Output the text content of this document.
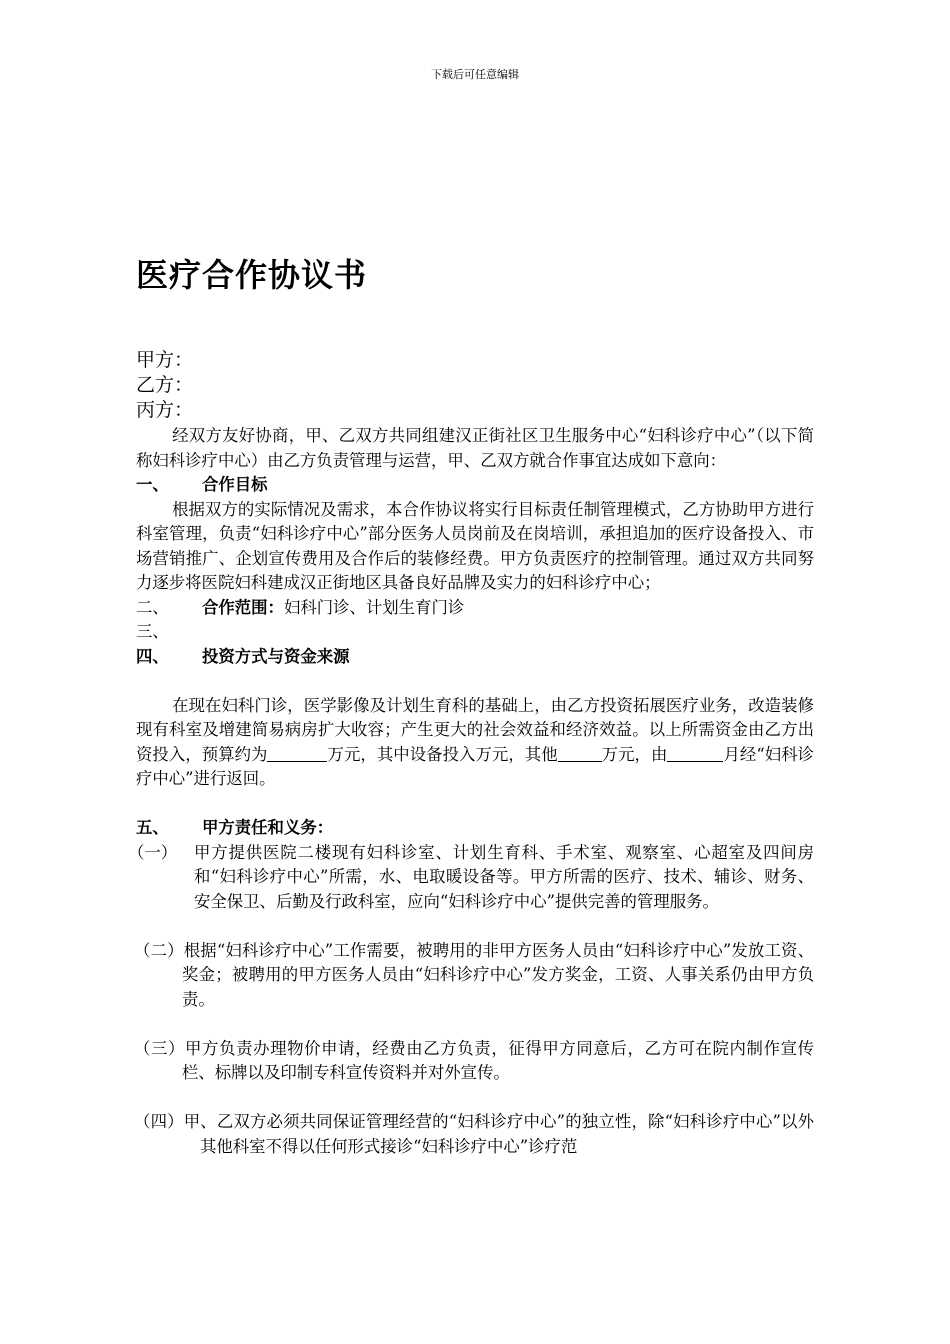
下载后可任意编辑
医疗合作协议书
甲方：
乙方：
丙方：

经双方友好协商，甲、乙双方共同组建汉正街社区卫生服务中心“妇科诊疗中心”（以下简称妇科诊疗中心）由乙方负责管理与运营，甲、乙双方就合作事宜达成如下意向：

一、	合作目标

根据双方的实际情况及需求，本合作协议将实行目标责任制管理模式，乙方协助甲方进行科室管理，负责“妇科诊疗中心”部分医务人员岗前及在岗培训，承担追加的医疗设备投入、市场营销推广、企划宣传费用及合作后的装修经费。甲方负责医疗的控制管理。通过双方共同努力逐步将医院妇科建成汉正街地区具备良好品牌及实力的妇科诊疗中心；

二、	合作范围： 妇科门诊、计划生育门诊
三、
四、	投资方式与资金来源

在现在妇科门诊，医学影像及计划生育科的基础上，由乙方投资拓展医疗业务，改造装修现有科室及增建简易病房扩大收容；产生更大的社会效益和经济效益。以上所需资金由乙方出资投入，预算约为	万元，其中设备投入万元，其他	万元，由	月经“妇科诊疗中心”进行返回。

五、	甲方责任和义务：
（一）	甲方提供医院二楼现有妇科诊室、计划生育科、手术室、观察室、心超室及四间房和“妇科诊疗中心”所需，水、电取暖设备等。甲方所需的医疗、技术、辅诊、财务、安全保卫、后勤及行政科室，应向“妇科诊疗中心”提供完善的管理服务。

（二）根据“妇科诊疗中心”工作需要，被聘用的非甲方医务人员由“妇科诊疗中心”发放工资、奖金；被聘用的甲方医务人员由“妇科诊疗中心”发方奖金，工资、人事关系仍由甲方负责。

（三）甲方负责办理物价申请，经费由乙方负责，征得甲方同意后，乙方可在院内制作宣传栏、标牌以及印制专科宣传资料并对外宣传。

（四）甲、乙双方必须共同保证管理经营的“妇科诊疗中心”的独立性，除“妇科诊疗中心”以外其他科室不得以任何形式接诊“妇科诊疗中心”诊疗范
